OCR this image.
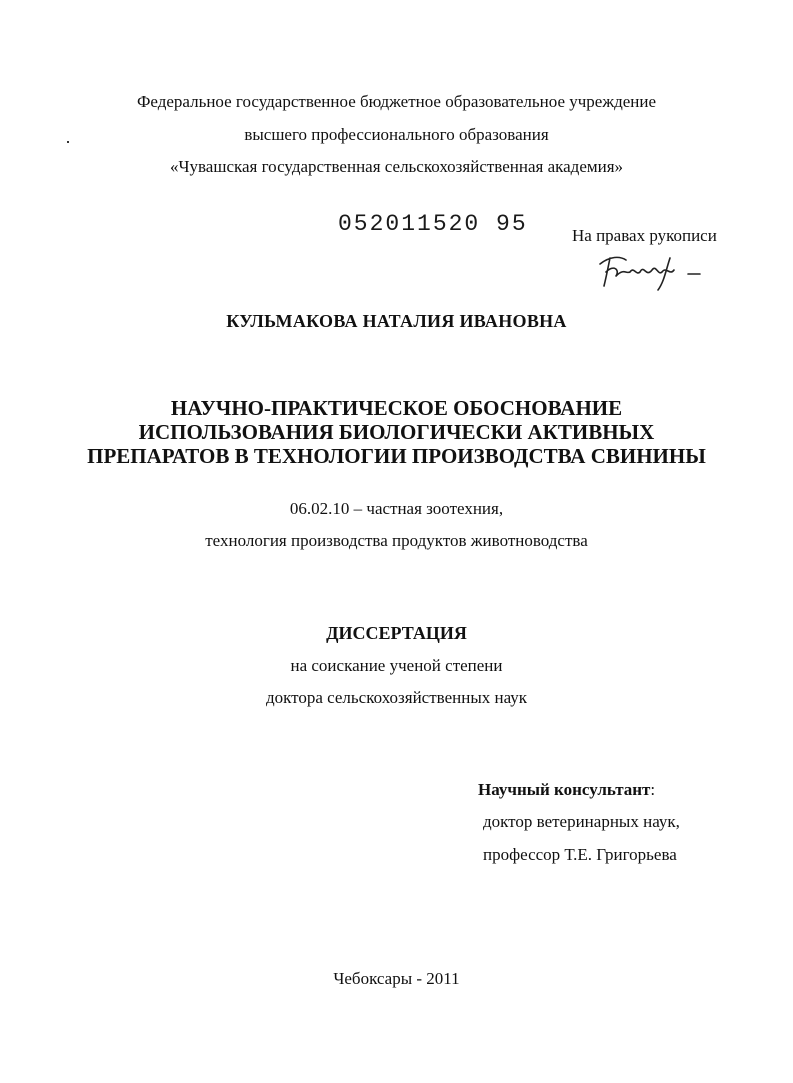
Федеральное государственное бюджетное образовательное учреждение
высшего профессионального образования
«Чувашская государственная сельскохозяйственная академия»
052011520 95	На правах рукописи
КУЛЬМАКОВА НАТАЛИЯ ИВАНОВНА
НАУЧНО-ПРАКТИЧЕСКОЕ ОБОСНОВАНИЕ
ИСПОЛЬЗОВАНИЯ БИОЛОГИЧЕСКИ АКТИВНЫХ
ПРЕПАРАТОВ В ТЕХНОЛОГИИ ПРОИЗВОДСТВА СВИНИНЫ
06.02.10 – частная зоотехния,
технология производства продуктов животноводства
ДИССЕРТАЦИЯ
на соискание ученой степени
доктора сельскохозяйственных наук
Научный консультант:
доктор ветеринарных наук,
профессор Т.Е. Григорьева
Чебоксары - 2011
